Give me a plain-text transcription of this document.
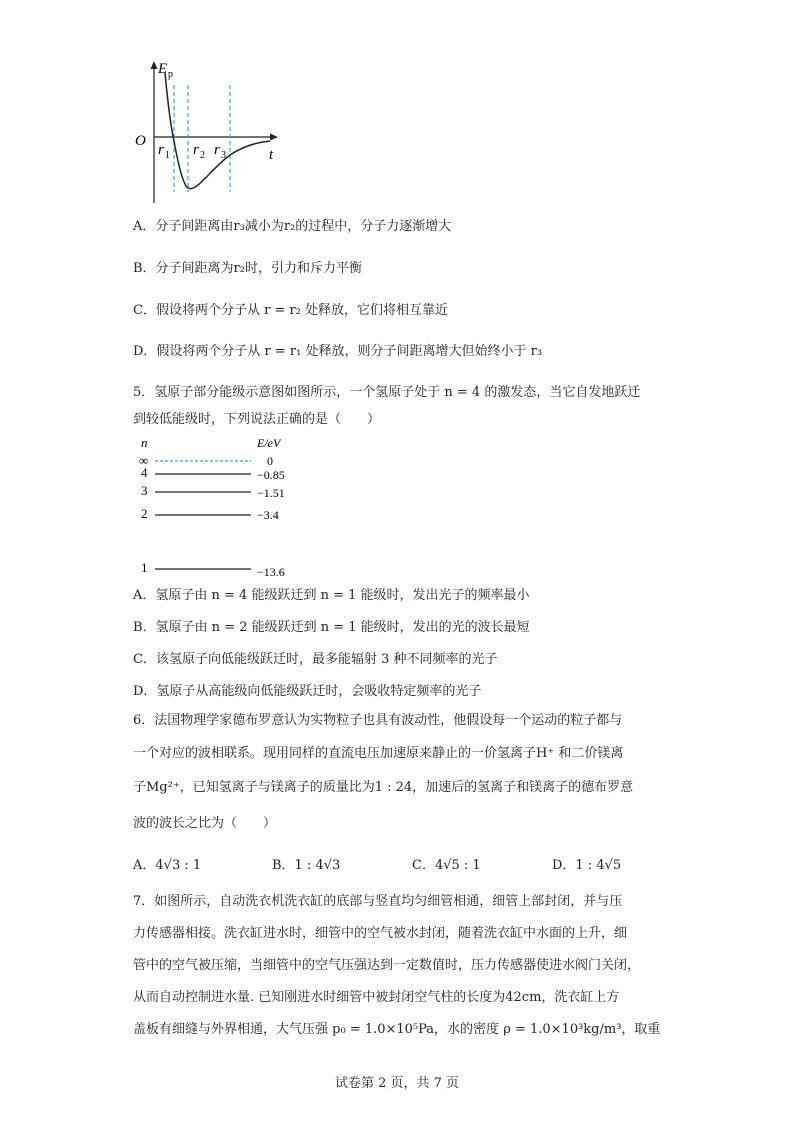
E p
O
t
r 1 r 2 r 3
A．分子间距离由r₃减小为r₂的过程中，分子力逐渐增大
B．分子间距离为r₂时，引力和斥力平衡
C．假设将两个分子从 r = r₂ 处释放，它们将相互靠近
D．假设将两个分子从 r = r₁ 处释放，则分子间距离增大但始终小于 r₃
5．氢原子部分能级示意图如图所示，一个氢原子处于 n = 4 的激发态，当它自发地跃迁
到较低能级时，下列说法正确的是（　　）
n	E/eV
∞	0
4	−0.85
3	−1.51
2	−3.4
1	−13.6
A．氢原子由 n = 4 能级跃迁到 n = 1 能级时，发出光子的频率最小
B．氢原子由 n = 2 能级跃迁到 n = 1 能级时，发出的光的波长最短
C．该氢原子向低能级跃迁时，最多能辐射 3 种不同频率的光子
D．氢原子从高能级向低能级跃迁时，会吸收特定频率的光子
6．法国物理学家德布罗意认为实物粒子也具有波动性，他假设每一个运动的粒子都与
一个对应的波相联系。现用同样的直流电压加速原来静止的一价氢离子H⁺ 和二价镁离
子Mg²⁺，已知氢离子与镁离子的质量比为1 : 24，加速后的氢离子和镁离子的德布罗意
波的波长之比为（　　）
A．4√3 : 1	B．1 : 4√3	C．4√5 : 1	D．1 : 4√5
7．如图所示，自动洗衣机洗衣缸的底部与竖直均匀细管相通，细管上部封闭，并与压
力传感器相接。洗衣缸进水时，细管中的空气被水封闭，随着洗衣缸中水面的上升，细
管中的空气被压缩，当细管中的空气压强达到一定数值时，压力传感器使进水阀门关闭，
从而自动控制进水量. 已知刚进水时细管中被封闭空气柱的长度为42cm，洗衣缸上方
盖板有细缝与外界相通，大气压强 p₀ = 1.0×10⁵Pa，水的密度 ρ = 1.0×10³kg/m³，取重
试卷第 2 页，共 7 页
